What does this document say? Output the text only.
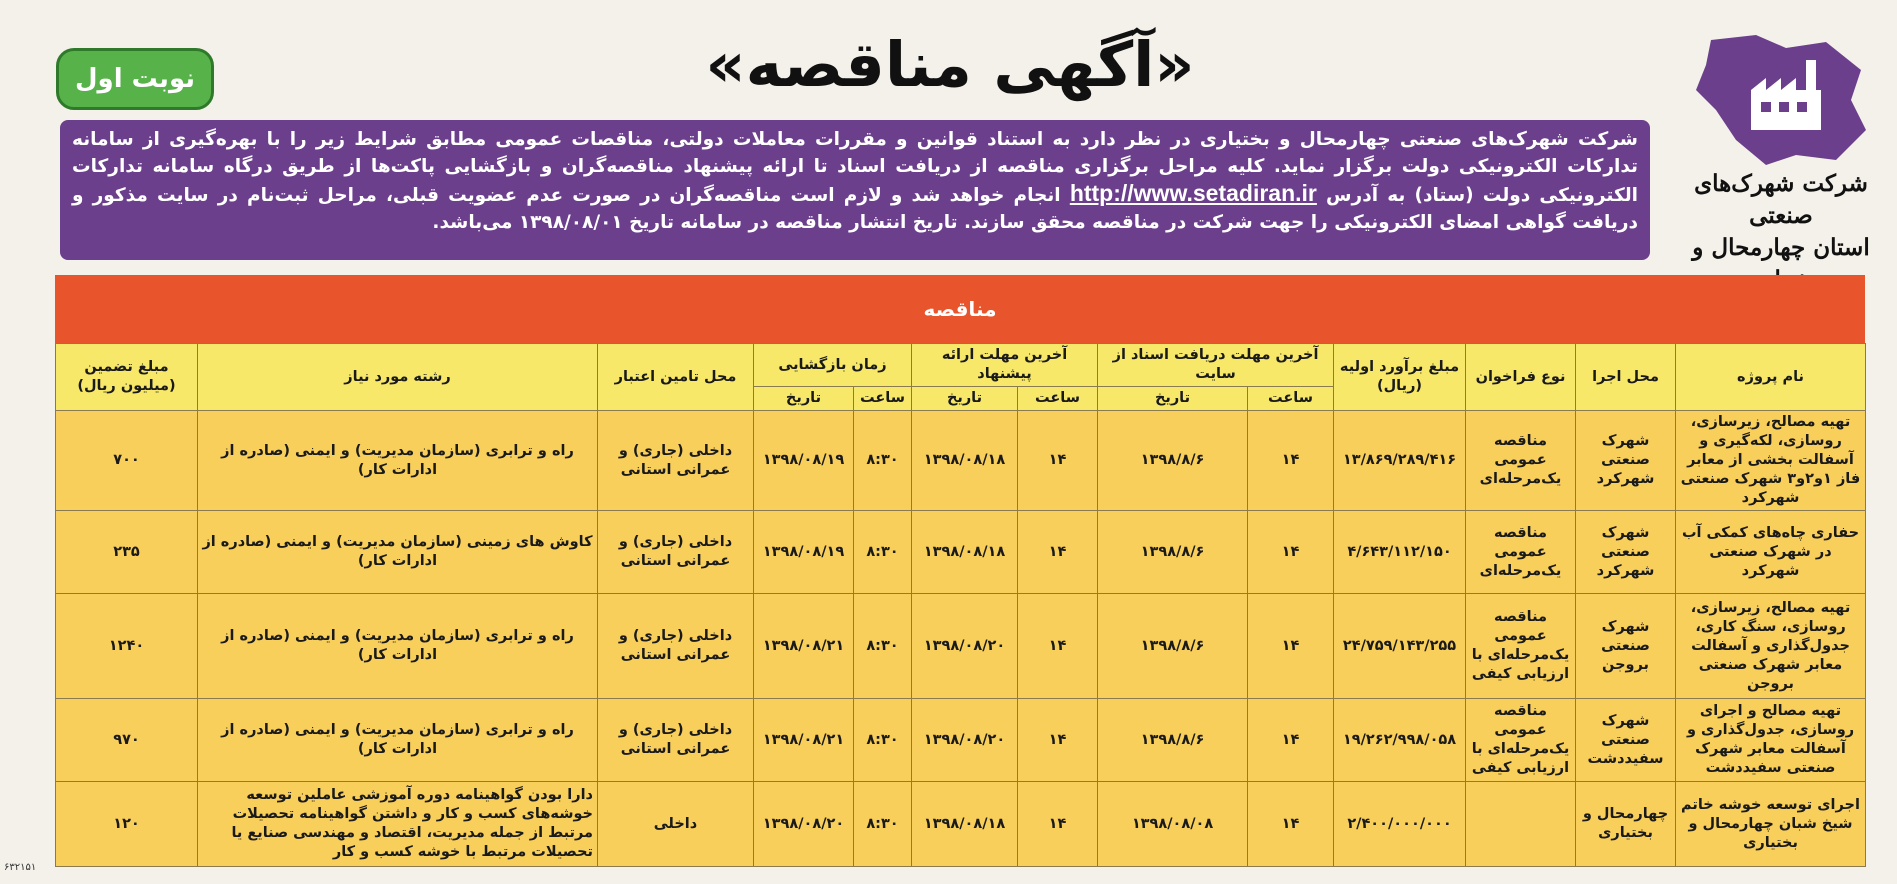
شرکت شهرک‌های صنعتی
استان چهارمحال و
«آگهی مناقصه»
نوبت اول
شرکت شهرک‌های صنعتی چهارمحال و بختیاری در نظر دارد به استناد قوانین و مقررات معاملات دولتی، مناقصات عمومی مطابق شرایط زیر را با بهره‌گیری از سامانه تدارکات الکترونیکی دولت برگزار نماید. کلیه مراحل برگزاری مناقصه از دریافت اسناد تا ارائه پیشنهاد مناقصه‌گران و بازگشایی پاکت‌ها از طریق درگاه سامانه تدارکات الکترونیکی دولت (ستاد) به آدرس http://www.setadiran.ir انجام خواهد شد و لازم است مناقصه‌گران در صورت عدم عضویت قبلی، مراحل ثبت‌نام در سایت مذکور و دریافت گواهی امضای الکترونیکی را جهت شرکت در مناقصه محقق سازند. تاریخ انتشار مناقصه در سامانه تاریخ ۱۳۹۸/۰۸/۰۱ می‌باشد.
مناقصه
نام پروژه	محل اجرا	نوع فراخوان	مبلغ برآورد اولیه (ریال)	آخرین مهلت دریافت اسناد از سایت		آخرین مهلت ارائه پیشنهاد		زمان بازگشایی		محل تامین اعتبار	رشته مورد نیاز	مبلغ تضمین (میلیون ریال)
				ساعت	تاریخ	ساعت	تاریخ	ساعت	تاریخ			
تهیه مصالح، زیرسازی، روسازی، لکه‌گیری و آسفالت بخشی از معابر فاز ۱و۲و۳ شهرک صنعتی شهرکرد	شهرک صنعتی شهرکرد	مناقصه عمومی یک‌مرحله‌ای	۱۳/۸۶۹/۲۸۹/۴۱۶	۱۴	۱۳۹۸/۸/۶	۱۴	۱۳۹۸/۰۸/۱۸	۸:۳۰	۱۳۹۸/۰۸/۱۹	داخلی (جاری) و عمرانی استانی	راه و ترابری (سازمان مدیریت) و ایمنی (صادره از ادارات کار)	۷۰۰
حفاری چاه‌های کمکی آب در شهرک صنعتی شهرکرد	شهرک صنعتی شهرکرد	مناقصه عمومی یک‌مرحله‌ای	۴/۶۴۳/۱۱۲/۱۵۰	۱۴	۱۳۹۸/۸/۶	۱۴	۱۳۹۸/۰۸/۱۸	۸:۳۰	۱۳۹۸/۰۸/۱۹	داخلی (جاری) و عمرانی استانی	کاوش های زمینی (سازمان مدیریت) و ایمنی (صادره از ادارات کار)	۲۳۵
تهیه مصالح، زیرسازی، روسازی، سنگ کاری، جدول‌گذاری و آسفالت معابر شهرک صنعتی بروجن	شهرک صنعتی بروجن	مناقصه عمومی یک‌مرحله‌ای با ارزیابی کیفی	۲۴/۷۵۹/۱۴۳/۲۵۵	۱۴	۱۳۹۸/۸/۶	۱۴	۱۳۹۸/۰۸/۲۰	۸:۳۰	۱۳۹۸/۰۸/۲۱	داخلی (جاری) و عمرانی استانی	راه و ترابری (سازمان مدیریت) و ایمنی (صادره از ادارات کار)	۱۲۴۰
تهیه مصالح و اجرای روسازی، جدول‌گذاری و آسفالت معابر شهرک صنعتی سفیددشت	شهرک صنعتی سفیددشت	مناقصه عمومی یک‌مرحله‌ای با ارزیابی کیفی	۱۹/۲۶۲/۹۹۸/۰۵۸	۱۴	۱۳۹۸/۸/۶	۱۴	۱۳۹۸/۰۸/۲۰	۸:۳۰	۱۳۹۸/۰۸/۲۱	داخلی (جاری) و عمرانی استانی	راه و ترابری (سازمان مدیریت) و ایمنی (صادره از ادارات کار)	۹۷۰
اجرای توسعه خوشه خاتم شیخ شبان چهارمحال و بختیاری	چهارمحال و بختیاری		۲/۴۰۰/۰۰۰/۰۰۰	۱۴	۱۳۹۸/۰۸/۰۸	۱۴	۱۳۹۸/۰۸/۱۸	۸:۳۰	۱۳۹۸/۰۸/۲۰	داخلی	دارا بودن گواهینامه دوره آموزشی عاملین توسعه خوشه‌های کسب و کار و داشتن گواهینامه تحصیلات مرتبط از جمله مدیریت، اقتصاد و مهندسی صنایع یا تحصیلات مرتبط با خوشه کسب و کار	۱۲۰
۶۳۲۱۵۱
